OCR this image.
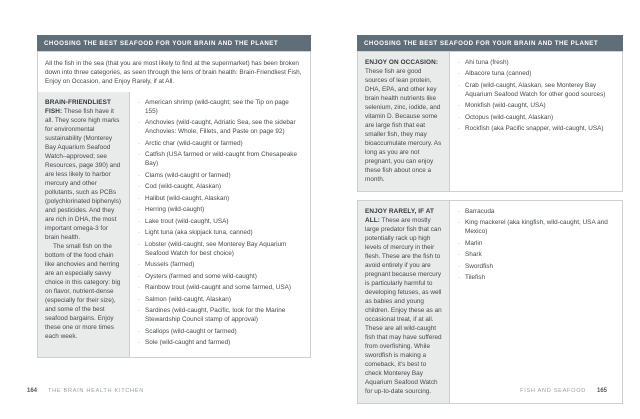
CHOOSING THE BEST SEAFOOD FOR YOUR BRAIN AND THE PLANET

All the fish in the sea (that you are most likely to find at the supermarket) has been broken down into three categories, as seen through the lens of brain health: Brain-Friendliest Fish, Enjoy on Occasion, and Enjoy Rarely, if at All.

BRAIN-FRIENDLIEST FISH: These fish have it all. They score high marks for environmental sustainability (Monterey Bay Aquarium Seafood Watch–approved; see Resources, page 390) and are less likely to harbor mercury and other pollutants, such as PCBs (polychlorinated biphenyls) and pesticides. And they are rich in DHA, the most important omega-3 for brain health.

The small fish on the bottom of the food chain like anchovies and herring are an especially savvy choice in this category: big on flavor, nutrient-dense (especially for their size), and some of the best seafood bargains. Enjoy these one or more times each week.

· American shrimp (wild-caught; see the Tip on page 155)
· Anchovies (wild-caught, Adriatic Sea, see the sidebar Anchovies: Whole, Fillets, and Paste on page 92)
· Arctic char (wild-caught or farmed)
· Catfish (USA farmed or wild-caught from Chesapeake Bay)
· Clams (wild-caught or farmed)
· Cod (wild-caught, Alaskan)
· Halibut (wild-caught, Alaskan)
· Herring (wild-caught)
· Lake trout (wild-caught, USA)
· Light tuna (aka skipjack tuna, canned)
· Lobster (wild-caught, see Monterey Bay Aquarium Seafood Watch for best choice)
· Mussels (farmed)
· Oysters (farmed and some wild-caught)
· Rainbow trout (wild-caught and some farmed, USA)
· Salmon (wild-caught, Alaskan)
· Sardines (wild-caught, Pacific, look for the Marine Stewardship Council stamp of approval)
· Scallops (wild-caught or farmed)
· Sole (wild-caught and farmed)
CHOOSING THE BEST SEAFOOD FOR YOUR BRAIN AND THE PLANET

ENJOY ON OCCASION: These fish are good sources of lean protein, DHA, EPA, and other key brain health nutrients like selenium, zinc, iodide, and vitamin D. Because some are large fish that eat smaller fish, they may bioaccumulate mercury. As long as you are not pregnant, you can enjoy these fish about once a month.

· Ahi tuna (fresh)
· Albacore tuna (canned)
· Crab (wild-caught, Alaskan, see Monterey Bay Aquarium Seafood Watch for other good sources)
· Monkfish (wild-caught, USA)
· Octopus (wild-caught, Alaskan)
· Rockfish (aka Pacific snapper, wild-caught, USA)

ENJOY RARELY, IF AT ALL: These are mostly large predator fish that can potentially rack up high levels of mercury in their flesh. These are the fish to avoid entirely if you are pregnant because mercury is particularly harmful to developing fetuses, as well as babies and young children. Enjoy these as an occasional treat, if at all. These are all wild-caught fish that may have suffered from overfishing. While swordfish is making a comeback, it's best to check Monterey Bay Aquarium Seafood Watch for up-to-date sourcing.

· Barracuda
· King mackerel (aka kingfish, wild-caught, USA and Mexico)
· Marlin
· Shark
· Swordfish
· Tilefish
164 THE BRAIN HEALTH KITCHEN	FISH AND SEAFOOD 165
